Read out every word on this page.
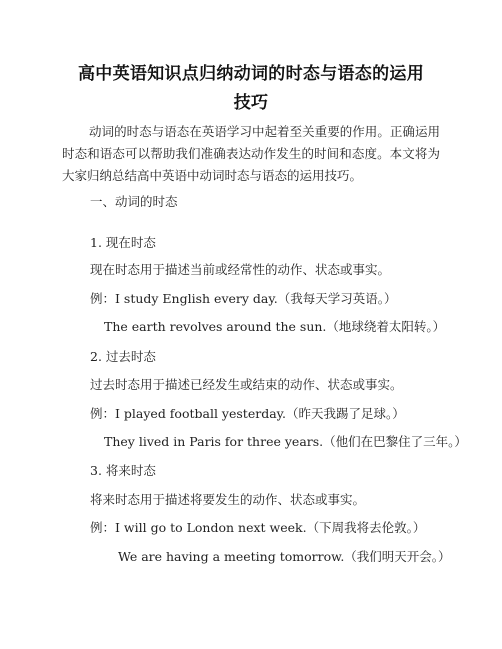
高中英语知识点归纳动词的时态与语态的运用技巧
动词的时态与语态在英语学习中起着至关重要的作用。正确运用时态和语态可以帮助我们准确表达动作发生的时间和态度。本文将为大家归纳总结高中英语中动词时态与语态的运用技巧。
一、动词的时态
1. 现在时态
现在时态用于描述当前或经常性的动作、状态或事实。
例：I study English every day.（我每天学习英语。）
The earth revolves around the sun.（地球绕着太阳转。）
2. 过去时态
过去时态用于描述已经发生或结束的动作、状态或事实。
例：I played football yesterday.（昨天我踢了足球。）
They lived in Paris for three years.（他们在巴黎住了三年。）
3. 将来时态
将来时态用于描述将要发生的动作、状态或事实。
例：I will go to London next week.（下周我将去伦敦。）
We are having a meeting tomorrow.（我们明天开会。）
